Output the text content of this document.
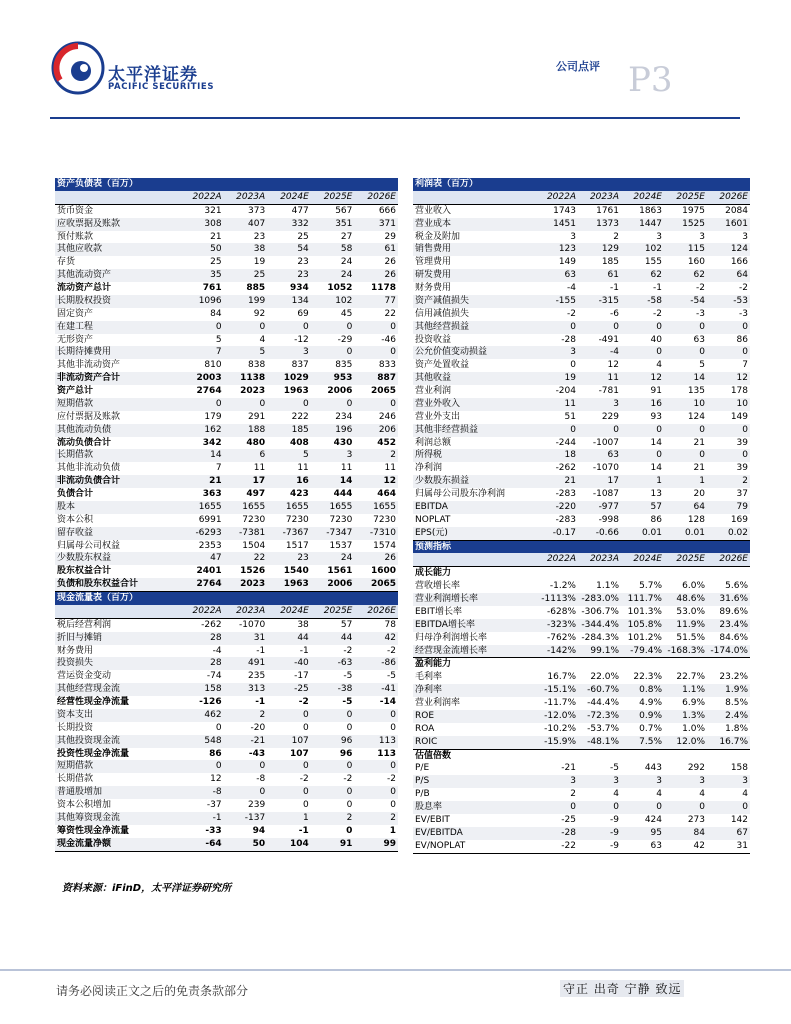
太平洋证券
PACIFIC SECURITIES
公司点评 P3
资产负债表（百万）					
	2022A	2023A	2024E	2025E	2026E
货币资金	321	373	477	567	666
应收票据及账款	308	407	332	351	371
预付账款	21	23	25	27	29
其他应收款	50	38	54	58	61
存货	25	19	23	24	26
其他流动资产	35	25	23	24	26
流动资产总计	761	885	934	1052	1178
长期股权投资	1096	199	134	102	77
固定资产	84	92	69	45	22
在建工程	0	0	0	0	0
无形资产	5	4	-12	-29	-46
长期待摊费用	7	5	3	0	0
其他非流动资产	810	838	837	835	833
非流动资产合计	2003	1138	1029	953	887
资产总计	2764	2023	1963	2006	2065
短期借款	0	0	0	0	0
应付票据及账款	179	291	222	234	246
其他流动负债	162	188	185	196	206
流动负债合计	342	480	408	430	452
长期借款	14	6	5	3	2
其他非流动负债	7	11	11	11	11
非流动负债合计	21	17	16	14	12
负债合计	363	497	423	444	464
股本	1655	1655	1655	1655	1655
资本公积	6991	7230	7230	7230	7230
留存收益	-6293	-7381	-7367	-7347	-7310
归属母公司权益	2353	1504	1517	1537	1574
少数股东权益	47	22	23	24	26
股东权益合计	2401	1526	1540	1561	1600
负债和股东权益合计	2764	2023	1963	2006	2065
现金流量表（百万）					
	2022A	2023A	2024E	2025E	2026E
税后经营利润	-262	-1070	38	57	78
折旧与摊销	28	31	44	44	42
财务费用	-4	-1	-1	-2	-2
投资损失	28	491	-40	-63	-86
营运资金变动	-74	235	-17	-5	-5
其他经营现金流	158	313	-25	-38	-41
经营性现金净流量	-126	-1	-2	-5	-14
资本支出	462	2	0	0	0
长期投资	0	-20	0	0	0
其他投资现金流	548	-21	107	96	113
投资性现金净流量	86	-43	107	96	113
短期借款	0	0	0	0	0
长期借款	12	-8	-2	-2	-2
普通股增加	-8	0	0	0	0
资本公积增加	-37	239	0	0	0
其他筹资现金流	-1	-137	1	2	2
筹资性现金净流量	-33	94	-1	0	1
现金流量净额	-64	50	104	91	99
利润表（百万）					
	2022A	2023A	2024E	2025E	2026E
营业收入	1743	1761	1863	1975	2084
营业成本	1451	1373	1447	1525	1601
税金及附加	3	2	3	3	3
销售费用	123	129	102	115	124
管理费用	149	185	155	160	166
研发费用	63	61	62	62	64
财务费用	-4	-1	-1	-2	-2
资产减值损失	-155	-315	-58	-54	-53
信用减值损失	-2	-6	-2	-3	-3
其他经营损益	0	0	0	0	0
投资收益	-28	-491	40	63	86
公允价值变动损益	3	-4	0	0	0
资产处置收益	0	12	4	5	7
其他收益	19	11	12	14	12
营业利润	-204	-781	91	135	178
营业外收入	11	3	16	10	10
营业外支出	51	229	93	124	149
其他非经营损益	0	0	0	0	0
利润总额	-244	-1007	14	21	39
所得税	18	63	0	0	0
净利润	-262	-1070	14	21	39
少数股东损益	21	17	1	1	2
归属母公司股东净利润	-283	-1087	13	20	37
EBITDA	-220	-977	57	64	79
NOPLAT	-283	-998	86	128	169
EPS(元)	-0.17	-0.66	0.01	0.01	0.02
预测指标					
	2022A	2023A	2024E	2025E	2026E
成长能力					
营收增长率	-1.2%	1.1%	5.7%	6.0%	5.6%
营业利润增长率	-1113%	-283.0%	111.7%	48.6%	31.6%
EBIT增长率	-628%	-306.7%	101.3%	53.0%	89.6%
EBITDA增长率	-323%	-344.4%	105.8%	11.9%	23.4%
归母净利润增长率	-762%	-284.3%	101.2%	51.5%	84.6%
经营现金流增长率	-142%	99.1%	-79.4%	-168.3%	-174.0%
盈利能力					
毛利率	16.7%	22.0%	22.3%	22.7%	23.2%
净利率	-15.1%	-60.7%	0.8%	1.1%	1.9%
营业利润率	-11.7%	-44.4%	4.9%	6.9%	8.5%
ROE	-12.0%	-72.3%	0.9%	1.3%	2.4%
ROA	-10.2%	-53.7%	0.7%	1.0%	1.8%
ROIC	-15.9%	-48.1%	7.5%	12.0%	16.7%
估值倍数					
P/E	-21	-5	443	292	158
P/S	3	3	3	3	3
P/B	2	4	4	4	4
股息率	0	0	0	0	0
EV/EBIT	-25	-9	424	273	142
EV/EBITDA	-28	-9	95	84	67
EV/NOPLAT	-22	-9	63	42	31
资料来源：iFinD，太平洋证券研究所
请务必阅读正文之后的免责条款部分	守正 出奇 宁静 致远
